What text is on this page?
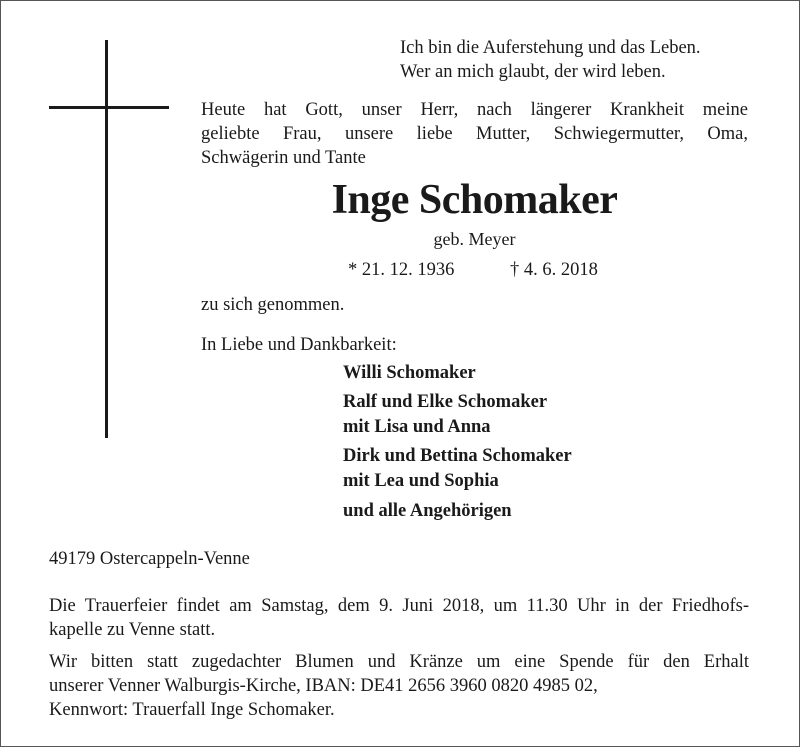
Ich bin die Auferstehung und das Leben.
Wer an mich glaubt, der wird leben.
Heute hat Gott, unser Herr, nach längerer Krankheit meine
geliebte Frau, unsere liebe Mutter, Schwiegermutter, Oma,
Schwägerin und Tante
Inge Schomaker
geb. Meyer
* 21. 12. 1936	† 4. 6. 2018
zu sich genommen.
In Liebe und Dankbarkeit:
Willi Schomaker
Ralf und Elke Schomaker
mit Lisa und Anna
Dirk und Bettina Schomaker
mit Lea und Sophia
und alle Angehörigen
49179 Ostercappeln-Venne
Die Trauerfeier findet am Samstag, dem 9. Juni 2018, um 11.30 Uhr in der Friedhofs-
kapelle zu Venne statt.
Wir bitten statt zugedachter Blumen und Kränze um eine Spende für den Erhalt
unserer Venner Walburgis-Kirche, IBAN: DE41 2656 3960 0820 4985 02,
Kennwort: Trauerfall Inge Schomaker.
